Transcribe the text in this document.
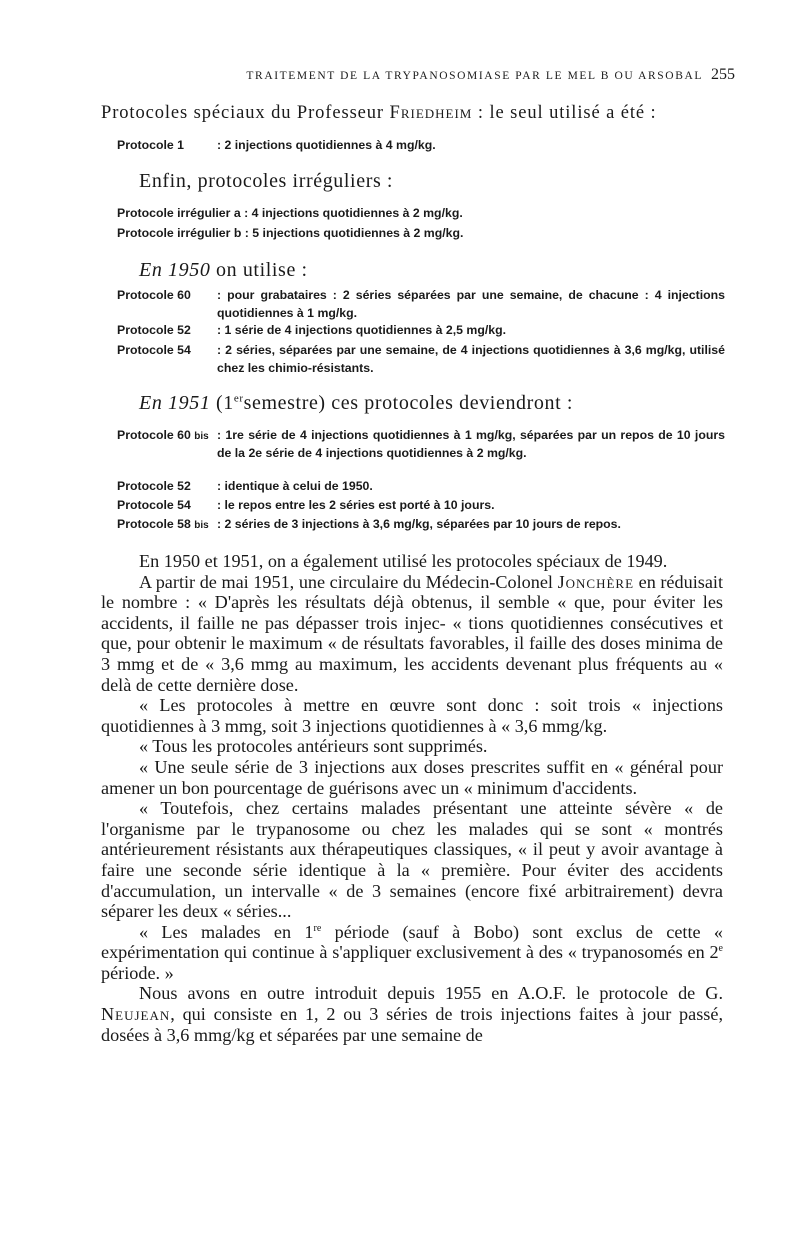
TRAITEMENT DE LA TRYPANOSOMIASE PAR LE MEL B OU ARSOBAL 255
Protocoles spéciaux du Professeur Friedheim : le seul utilisé a été :
Protocole 1	: 2 injections quotidiennes à 4 mg/kg.
Enfin, protocoles irréguliers :
Protocole irrégulier a : 4 injections quotidiennes à 2 mg/kg.
Protocole irrégulier b : 5 injections quotidiennes à 2 mg/kg.
En 1950 on utilise :
Protocole 60 : pour grabataires : 2 séries séparées par une semaine, de chacune : 4 injections quotidiennes à 1 mg/kg.
Protocole 52 : 1 série de 4 injections quotidiennes à 2,5 mg/kg.
Protocole 54 : 2 séries, séparées par une semaine, de 4 injections quotidiennes à 3,6 mg/kg, utilisé chez les chimio-résistants.
En 1951 (1ersemestre) ces protocoles deviendront :
Protocole 60 bis : 1re série de 4 injections quotidiennes à 1 mg/kg, séparées par un repos de 10 jours de la 2e série de 4 injections quotidiennes à 2 mg/kg.
Protocole 52 : identique à celui de 1950.
Protocole 54 : le repos entre les 2 séries est porté à 10 jours.
Protocole 58 bis : 2 séries de 3 injections à 3,6 mg/kg, séparées par 10 jours de repos.

En 1950 et 1951, on a également utilisé les protocoles spéciaux de 1949.

A partir de mai 1951, une circulaire du Médecin-Colonel Jonchère en réduisait le nombre : « D'après les résultats déjà obtenus, il semble « que, pour éviter les accidents, il faille ne pas dépasser trois injec- « tions quotidiennes consécutives et que, pour obtenir le maximum « de résultats favorables, il faille des doses minima de 3 mmg et de « 3,6 mmg au maximum, les accidents devenant plus fréquents au « delà de cette dernière dose.

« Les protocoles à mettre en œuvre sont donc : soit trois « injections quotidiennes à 3 mmg, soit 3 injections quotidiennes à « 3,6 mmg/kg.

« Tous les protocoles antérieurs sont supprimés.

« Une seule série de 3 injections aux doses prescrites suffit en « général pour amener un bon pourcentage de guérisons avec un « minimum d'accidents.

« Toutefois, chez certains malades présentant une atteinte sévère « de l'organisme par le trypanosome ou chez les malades qui se sont « montrés antérieurement résistants aux thérapeutiques classiques, « il peut y avoir avantage à faire une seconde série identique à la « première. Pour éviter des accidents d'accumulation, un intervalle « de 3 semaines (encore fixé arbitrairement) devra séparer les deux « séries...

« Les malades en 1re période (sauf à Bobo) sont exclus de cette « expérimentation qui continue à s'appliquer exclusivement à des « trypanosomés en 2e période. »

Nous avons en outre introduit depuis 1955 en A.O.F. le protocole de G. Neujean, qui consiste en 1, 2 ou 3 séries de trois injections faites à jour passé, dosées à 3,6 mmg/kg et séparées par une semaine de
